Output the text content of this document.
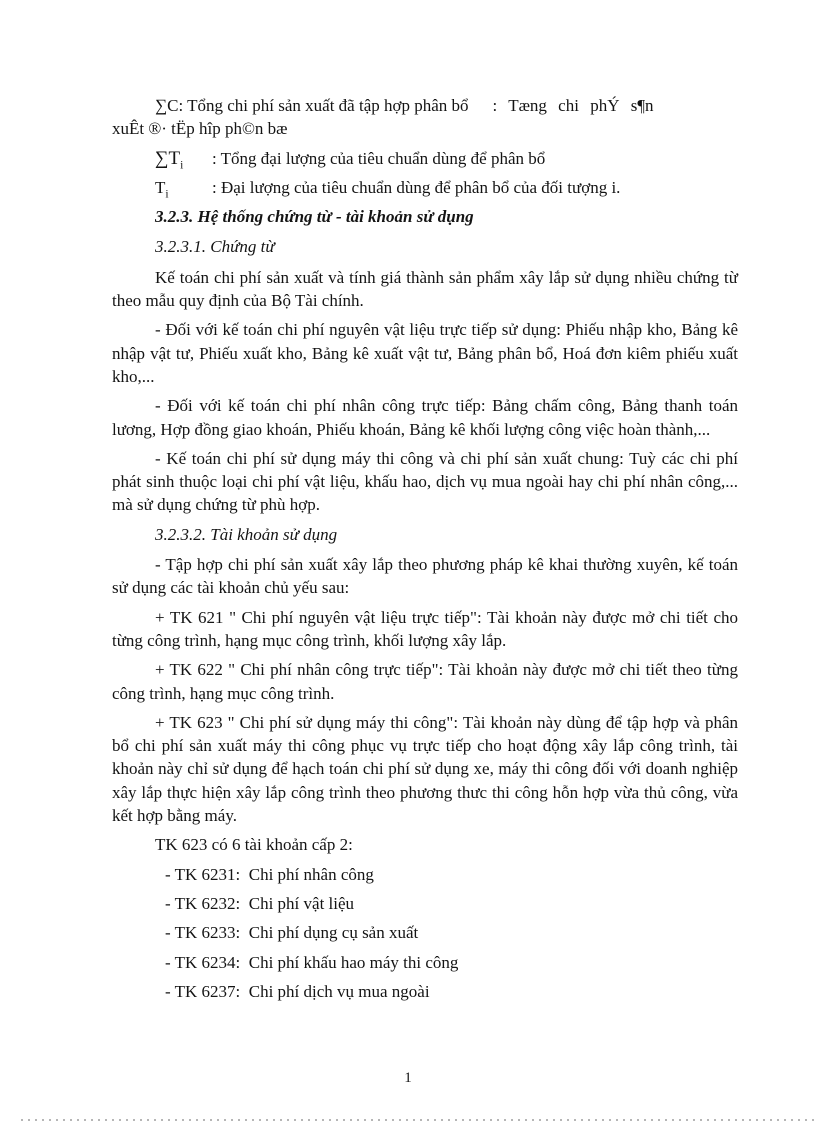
∑C: Tổng chi phí sản xuất đã tập hợp phân bổ : Tæng chi phÝ s¶n
xuÊt ®· tËp hîp ph©n bæ

$\sum T_i$ : Tổng đại lượng của tiêu chuẩn dùng để phân bổ

$T_i$	: Đại lượng của tiêu chuẩn dùng để phân bổ của đối tượng i.

3.2.3. Hệ thống chứng từ - tài khoản sử dụng

3.2.3.1. Chứng từ

Kế toán chi phí sản xuất và tính giá thành sản phẩm xây lắp sử dụng nhiều chứng từ theo mẫu quy định của Bộ Tài chính.

- Đối với kế toán chi phí nguyên vật liệu trực tiếp sử dụng: Phiếu nhập kho, Bảng kê nhập vật tư, Phiếu xuất kho, Bảng kê xuất vật tư, Bảng phân bổ, Hoá đơn kiêm phiếu xuất kho,...

- Đối với kế toán chi phí nhân công trực tiếp: Bảng chấm công, Bảng thanh toán lương, Hợp đồng giao khoán, Phiếu khoán, Bảng kê khối lượng công việc hoàn thành,...

- Kế toán chi phí sử dụng máy thi công và chi phí sản xuất chung: Tuỳ các chi phí phát sinh thuộc loại chi phí vật liệu, khấu hao, dịch vụ mua ngoài hay chi phí nhân công,... mà sử dụng chứng từ phù hợp.

3.2.3.2. Tài khoản sử dụng

- Tập hợp chi phí sản xuất xây lắp theo phương pháp kê khai thường xuyên, kế toán sử dụng các tài khoản chủ yếu sau:

+ TK 621 " Chi phí nguyên vật liệu trực tiếp": Tài khoản này được mở chi tiết cho từng công trình, hạng mục công trình, khối lượng xây lắp.

+ TK 622 " Chi phí nhân công trực tiếp": Tài khoản này được mở chi tiết theo từng công trình, hạng mục công trình.

+ TK 623 " Chi phí sử dụng máy thi công": Tài khoản này dùng để tập hợp và phân bổ chi phí sản xuất máy thi công phục vụ trực tiếp cho hoạt động xây lắp công trình, tài khoản này chỉ sử dụng để hạch toán chi phí sử dụng xe, máy thi công đối với doanh nghiệp xây lắp thực hiện xây lắp công trình theo phương thưc thi công hỗn hợp vừa thủ công, vừa kết hợp bằng máy.

TK 623 có 6 tài khoản cấp 2:

- TK 6231:  Chi phí nhân công

- TK 6232:  Chi phí vật liệu

- TK 6233:  Chi phí dụng cụ sản xuất

- TK 6234:  Chi phí khấu hao máy thi công

- TK 6237:  Chi phí dịch vụ mua ngoài

1
